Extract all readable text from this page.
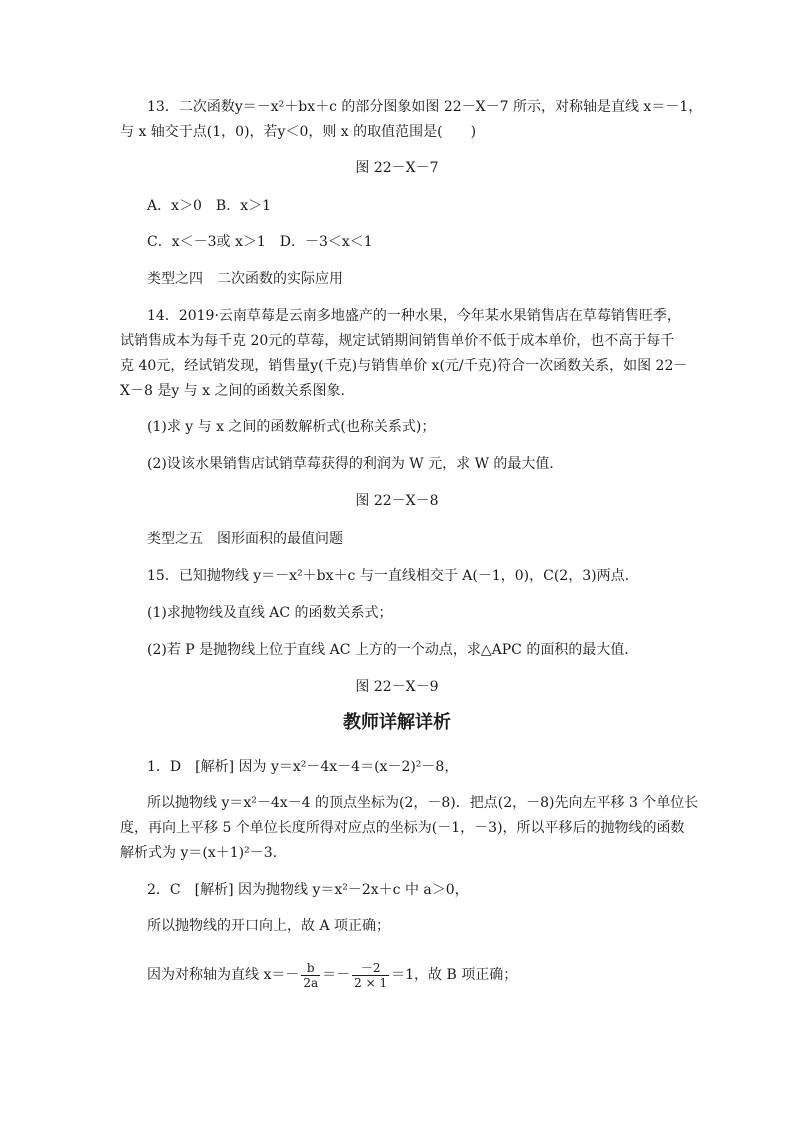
13．二次函数y＝－x²＋bx＋c 的部分图象如图 22－X－7 所示，对称轴是直线 x＝－1，
与 x 轴交于点(1，0)，若y＜0，则 x 的取值范围是(　　)
图 22－X－7
A．x＞0　B．x＞1
C．x＜－3或 x＞1　D．－3＜x＜1
类型之四　二次函数的实际应用
14．2019·云南草莓是云南多地盛产的一种水果，今年某水果销售店在草莓销售旺季，
试销售成本为每千克 20元的草莓，规定试销期间销售单价不低于成本单价，也不高于每千
克 40元，经试销发现，销售量y(千克)与销售单价 x(元/千克)符合一次函数关系，如图 22－
X－8 是y 与 x 之间的函数关系图象．
(1)求 y 与 x 之间的函数解析式(也称关系式)；
(2)设该水果销售店试销草莓获得的利润为 W 元，求 W 的最大值．
图 22－X－8
类型之五　图形面积的最值问题
15．已知抛物线 y＝－x²＋bx＋c 与一直线相交于 A(－1，0)，C(2，3)两点．
(1)求抛物线及直线 AC 的函数关系式；
(2)若 P 是抛物线上位于直线 AC 上方的一个动点，求△APC 的面积的最大值．
图 22－X－9
教师详解详析
1．D　[解析] 因为 y＝x²－4x－4＝(x－2)²－8，
所以抛物线 y＝x²－4x－4 的顶点坐标为(2，－8)．把点(2，－8)先向左平移 3 个单位长
度，再向上平移 5 个单位长度所得对应点的坐标为(－1，－3)，所以平移后的抛物线的函数
解析式为 y＝(x＋1)²－3.
2．C　[解析] 因为抛物线 y＝x²－2x＋c 中 a＞0，
所以抛物线的开口向上，故 A 项正确；
因为对称轴为直线 $x=- \frac{b}{2a} =- \frac{-2}{2 \times 1} =1$，故 B 项正确；
